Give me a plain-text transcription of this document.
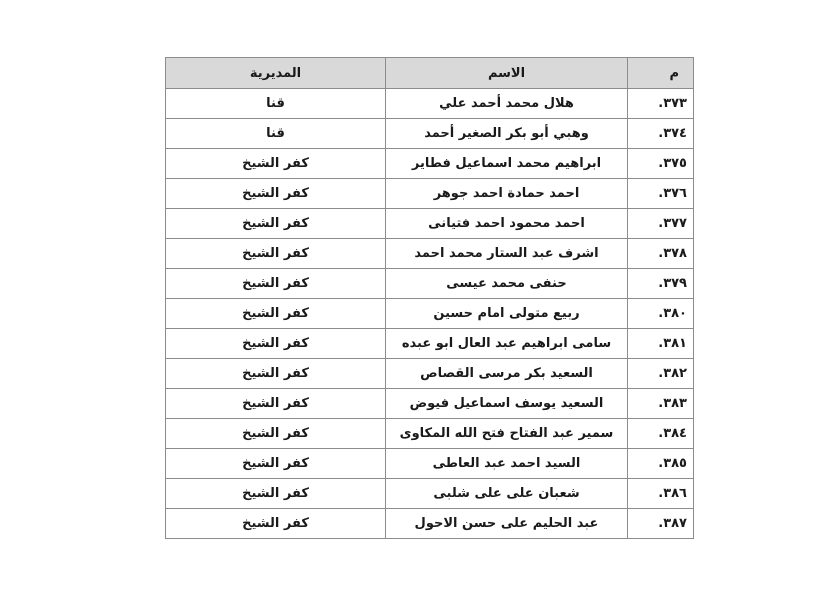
م	الاسم	المديرية
٣٧٣.	هلال محمد أحمد علي	قنا
٣٧٤.	وهبي أبو بكر الصغير أحمد	قنا
٣٧٥.	ابراهيم محمد اسماعيل فطاير	كفر الشيخ
٣٧٦.	احمد حمادة احمد جوهر	كفر الشيخ
٣٧٧.	احمد محمود احمد فتيانى	كفر الشيخ
٣٧٨.	اشرف عبد الستار محمد احمد	كفر الشيخ
٣٧٩.	حنفى محمد عيسى	كفر الشيخ
٣٨٠.	ربيع متولى امام حسين	كفر الشيخ
٣٨١.	سامى ابراهيم عبد العال ابو عبده	كفر الشيخ
٣٨٢.	السعيد بكر مرسى القصاص	كفر الشيخ
٣٨٣.	السعيد يوسف اسماعيل فيوض	كفر الشيخ
٣٨٤.	سمير عبد الفتاح فتح الله المكاوى	كفر الشيخ
٣٨٥.	السيد احمد عبد العاطى	كفر الشيخ
٣٨٦.	شعبان على على شلبى	كفر الشيخ
٣٨٧.	عبد الحليم على حسن الاحول	كفر الشيخ
